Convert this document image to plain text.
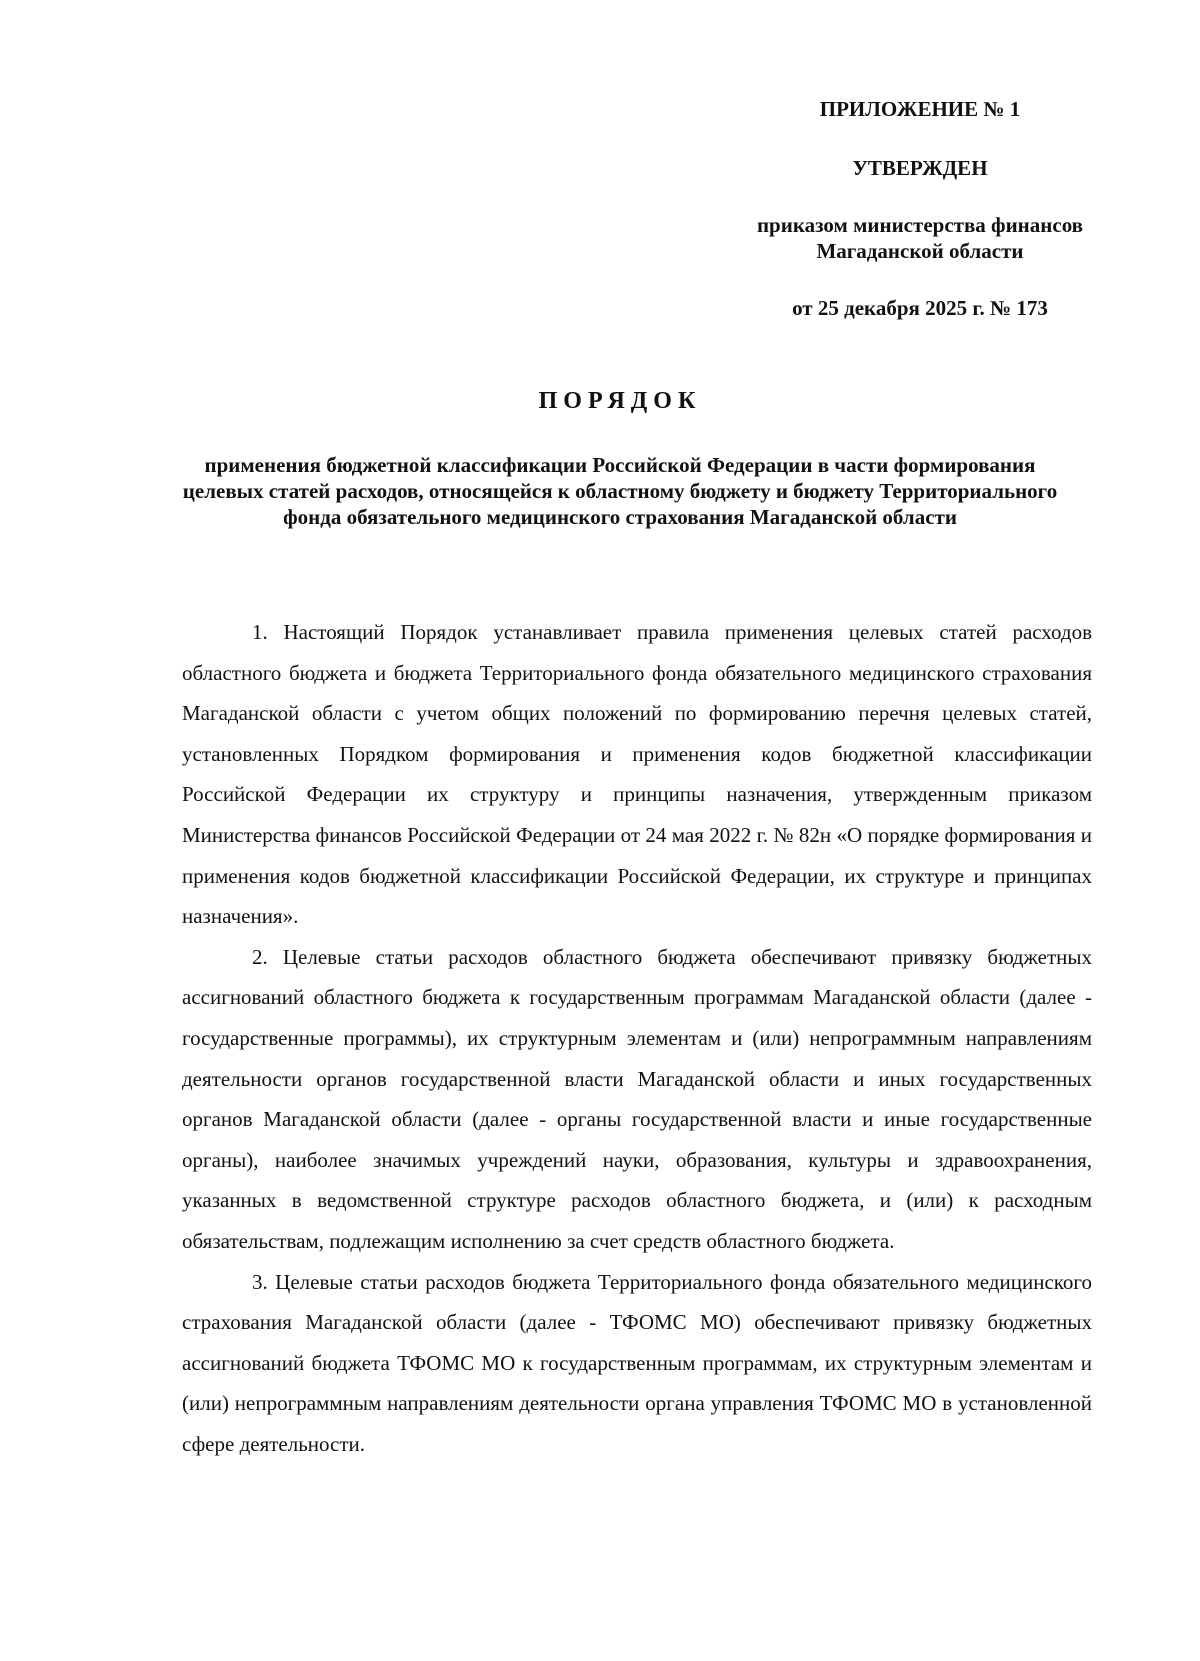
ПРИЛОЖЕНИЕ № 1

УТВЕРЖДЕН

приказом министерства финансов Магаданской области

от 25 декабря 2025 г. № 173

ПОРЯДОК
применения бюджетной классификации Российской Федерации в части формирования целевых статей расходов, относящейся к областному бюджету и бюджету Территориального фонда обязательного медицинского страхования Магаданской области

1. Настоящий Порядок устанавливает правила применения целевых статей расходов областного бюджета и бюджета Территориального фонда обязательного медицинского страхования Магаданской области с учетом общих положений по формированию перечня целевых статей, установленных Порядком формирования и применения кодов бюджетной классификации Российской Федерации их структуру и принципы назначения, утвержденным приказом Министерства финансов Российской Федерации от 24 мая 2022 г. № 82н «О порядке формирования и применения кодов бюджетной классификации Российской Федерации, их структуре и принципах назначения».

2. Целевые статьи расходов областного бюджета обеспечивают привязку бюджетных ассигнований областного бюджета к государственным программам Магаданской области (далее - государственные программы), их структурным элементам и (или) непрограммным направлениям деятельности органов государственной власти Магаданской области и иных государственных органов Магаданской области (далее - органы государственной власти и иные государственные органы), наиболее значимых учреждений науки, образования, культуры и здравоохранения, указанных в ведомственной структуре расходов областного бюджета, и (или) к расходным обязательствам, подлежащим исполнению за счет средств областного бюджета.

3. Целевые статьи расходов бюджета Территориального фонда обязательного медицинского страхования Магаданской области (далее - ТФОМС МО) обеспечивают привязку бюджетных ассигнований бюджета ТФОМС МО к государственным программам, их структурным элементам и (или) непрограммным направлениям деятельности органа управления ТФОМС МО в установленной сфере деятельности.
